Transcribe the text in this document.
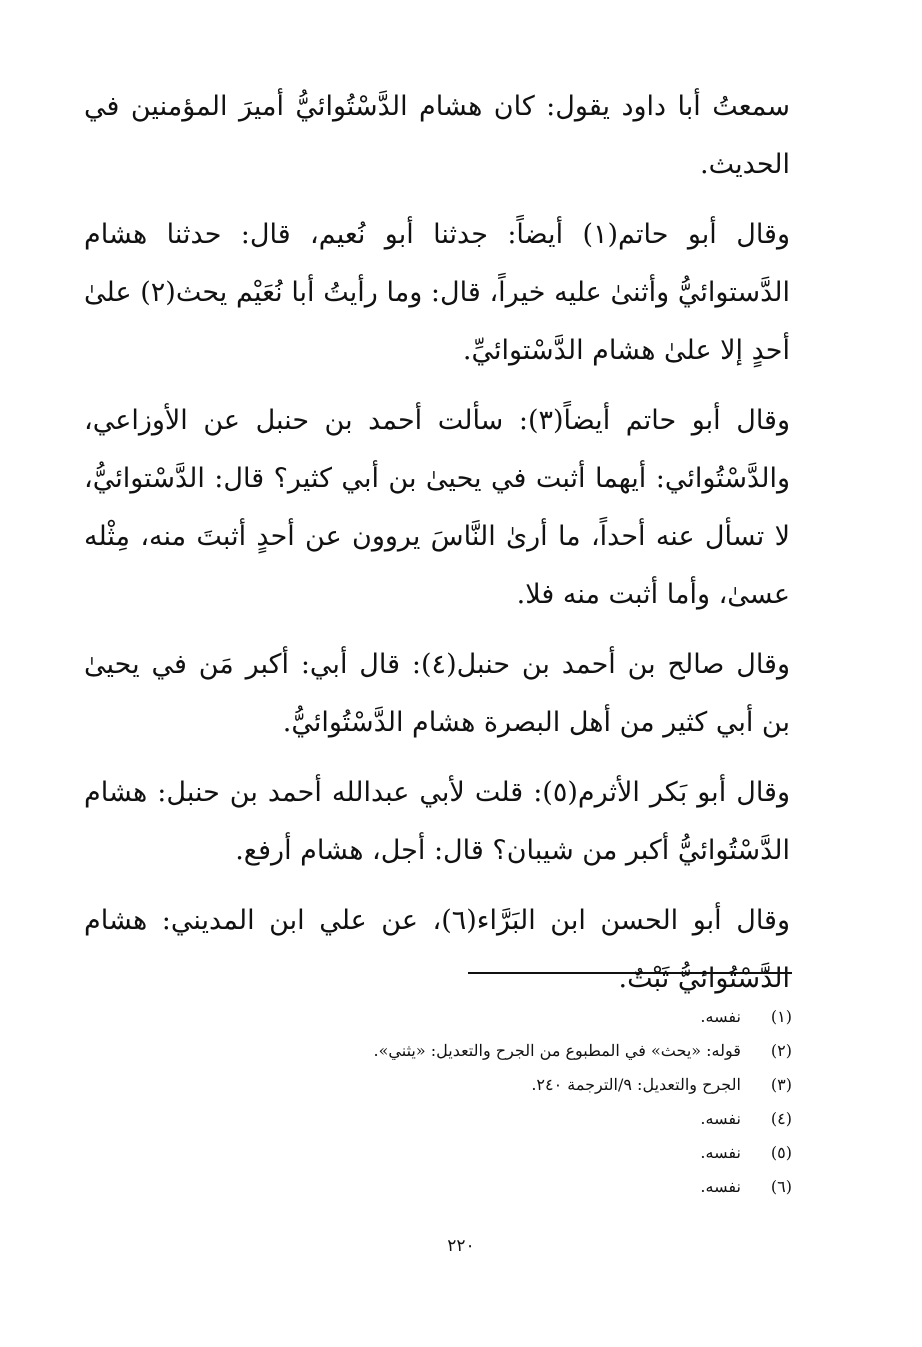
سمعتُ أبا داود يقول: كان هشام الدَّسْتُوائيُّ أميرَ المؤمنين في الحديث.

وقال أبو حاتم(١) أيضاً: جدثنا أبو نُعيم، قال: حدثنا هشام الدَّستوائيُّ وأثنىٰ عليه خيراً، قال: وما رأيتُ أبا نُعَيْم يحث(٢) علىٰ أحدٍ إلا علىٰ هشام الدَّسْتوائيِّ.

وقال أبو حاتم أيضاً(٣): سألت أحمد بن حنبل عن الأوزاعي، والدَّسْتُوائي: أيهما أثبت في يحيىٰ بن أبي كثير؟ قال: الدَّسْتوائيُّ، لا تسأل عنه أحداً، ما أرىٰ النَّاسَ يروون عن أحدٍ أثبتَ منه، مِثْله عسىٰ، وأما أثبت منه فلا.

وقال صالح بن أحمد بن حنبل(٤): قال أبي: أكبر مَن في يحيىٰ بن أبي كثير من أهل البصرة هشام الدَّسْتُوائيُّ.

وقال أبو بَكر الأثرم(٥): قلت لأبي عبدالله أحمد بن حنبل: هشام الدَّسْتُوائيُّ أكبر من شيبان؟ قال: أجل، هشام أرفع.

وقال أبو الحسن ابن البَرَّاء(٦)، عن علي ابن المديني: هشام الدَّسْتُوائيُّ ثَبْتٌ.

(١) نفسه.
(٢) قوله: «يحث» في المطبوع من الجرح والتعديل: «يثني».
(٣) الجرح والتعديل: ٩/الترجمة ٢٤٠.
(٤) نفسه.
(٥) نفسه.
(٦) نفسه.
٢٢٠
